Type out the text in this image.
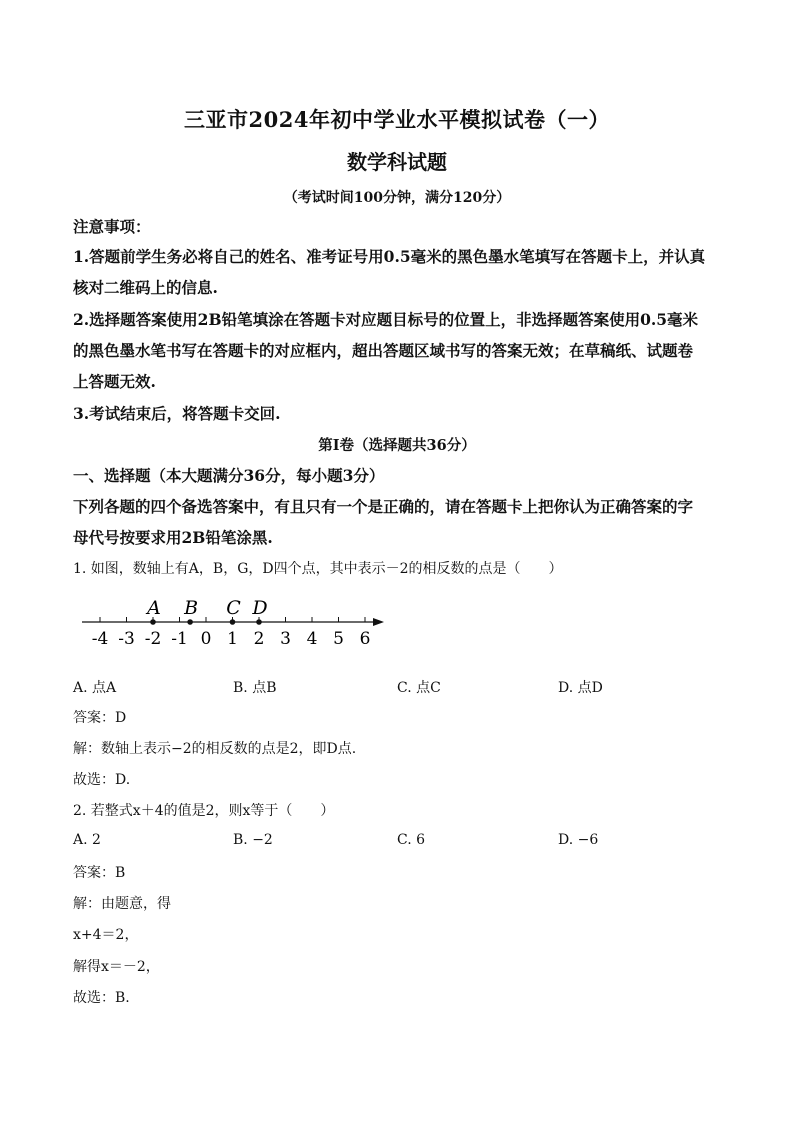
三亚市2024年初中学业水平模拟试卷（一）
数学科试题
（考试时间100分钟，满分120分）
注意事项：
1.答题前学生务必将自己的姓名、准考证号用0.5毫米的黑色墨水笔填写在答题卡上，并认真
核对二维码上的信息.
2.选择题答案使用2B铅笔填涂在答题卡对应题目标号的位置上，非选择题答案使用0.5毫米
的黑色墨水笔书写在答题卡的对应框内，超出答题区域书写的答案无效；在草稿纸、试题卷
上答题无效.
3.考试结束后，将答题卡交回.
第Ⅰ卷（选择题共36分）
一、选择题（本大题满分36分，每小题3分）
下列各题的四个备选答案中，有且只有一个是正确的，请在答题卡上把你认为正确答案的字
母代号按要求用2B铅笔涂黑.
1. 如图，数轴上有A，B，G，D四个点，其中表示－2的相反数的点是（　　）
-4 -3 -2 -1 0 1 2 3 4 5 6
A B C D
A. 点A	B. 点B	C. 点C	D. 点D
答案：D
解：数轴上表示−2的相反数的点是2，即D点.
故选：D.
2. 若整式x＋4的值是2，则x等于（　　）
A. 2	B. −2	C. 6	D. −6
答案：B
解：由题意，得
x+4＝2，
解得x＝－2，
故选：B.
